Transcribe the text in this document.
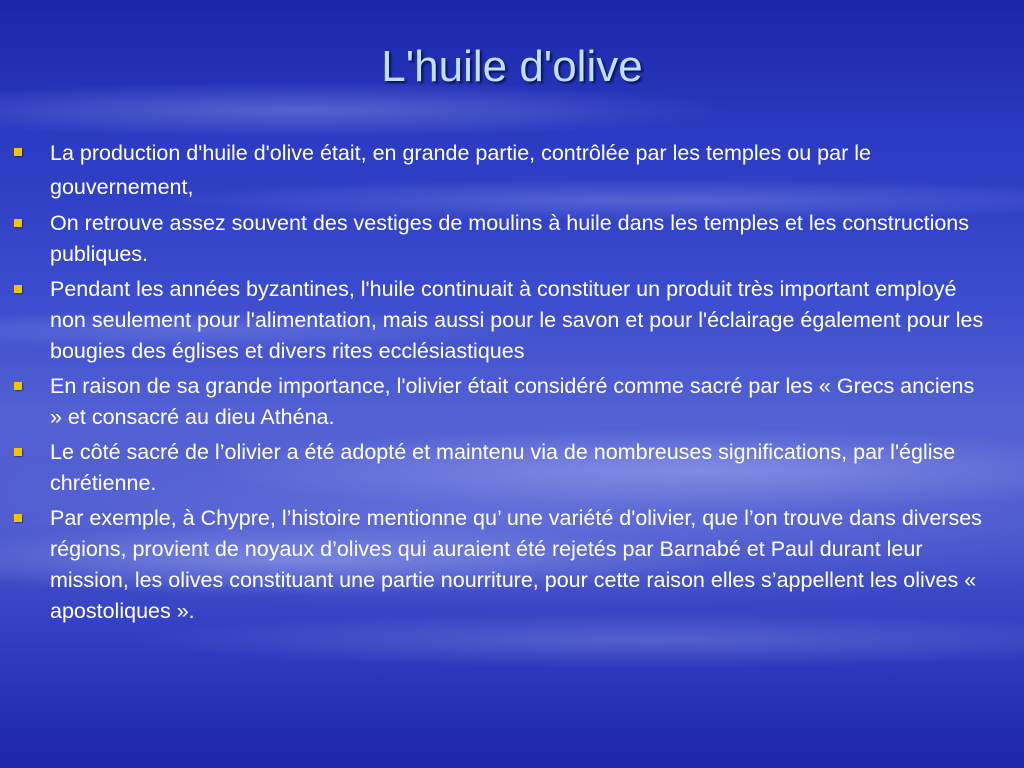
L'huile d'olive
La production d'huile d'olive était, en grande partie, contrôlée par les temples ou par le gouvernement,
On retrouve assez souvent des vestiges de moulins à huile dans les temples et les constructions publiques.
Pendant les années byzantines, l'huile continuait à constituer un produit très important employé non seulement pour l'alimentation, mais aussi pour le savon et pour l'éclairage également pour les bougies des églises et divers rites ecclésiastiques
En raison de sa grande importance, l'olivier était considéré comme sacré par les « Grecs anciens » et consacré au dieu Athéna.
Le côté sacré de l’olivier a été adopté et maintenu via de nombreuses significations, par l'église chrétienne.
Par exemple, à Chypre, l’histoire mentionne qu’ une variété d'olivier, que l’on trouve dans diverses régions, provient de noyaux d’olives qui auraient été rejetés par Barnabé et Paul durant leur mission, les olives constituant une partie nourriture, pour cette raison elles s’appellent les olives « apostoliques ».
